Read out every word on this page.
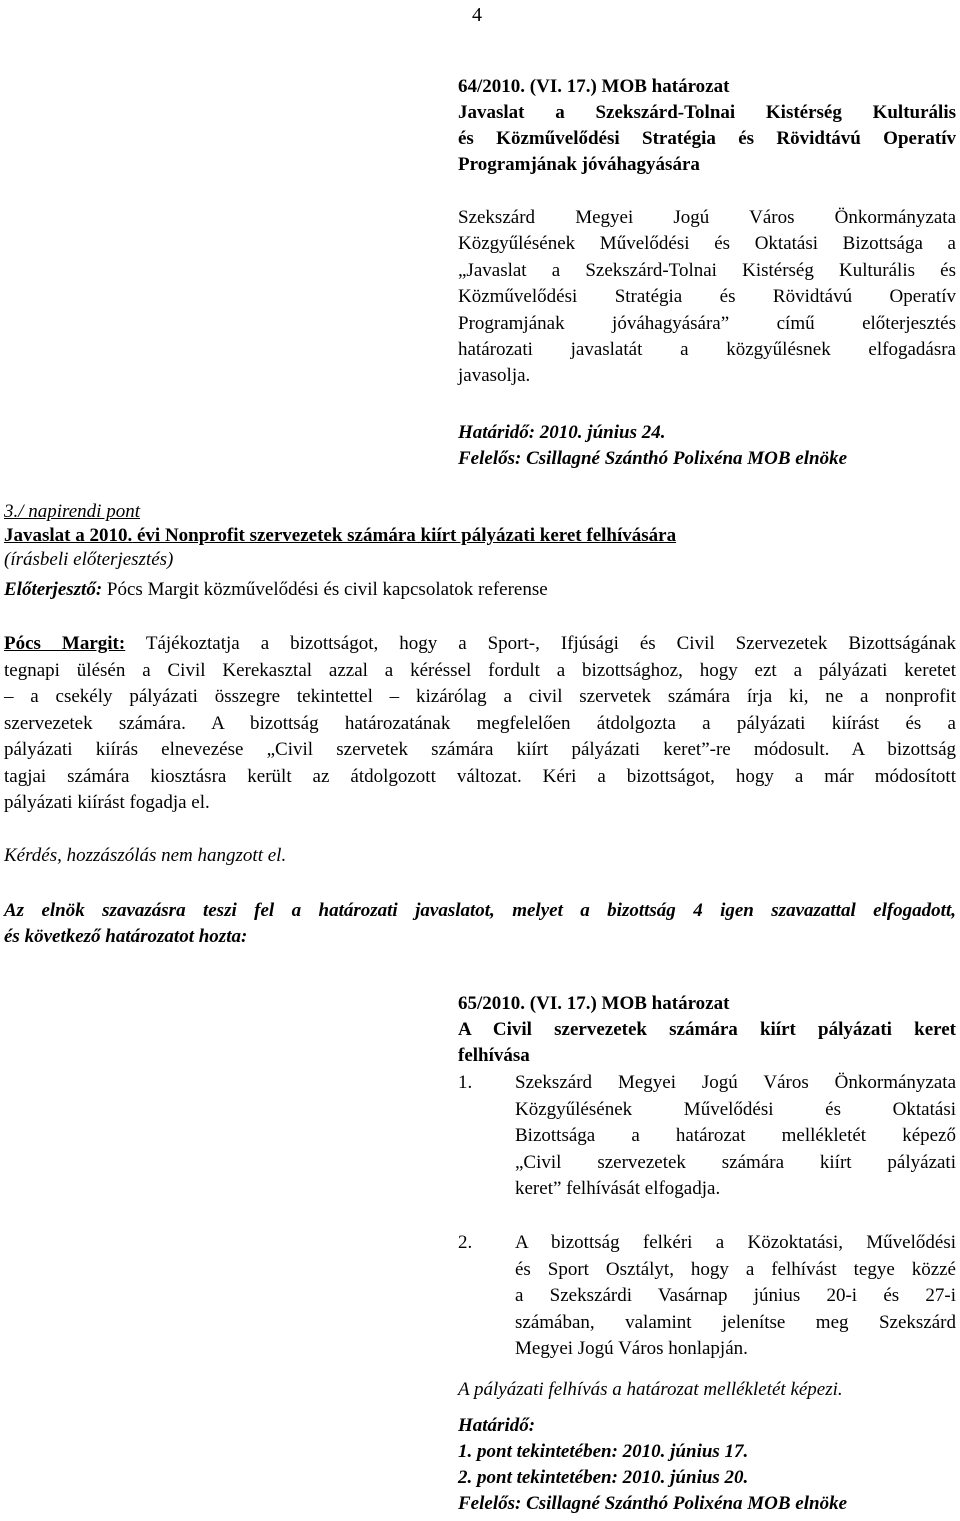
4
64/2010. (VI. 17.) MOB határozat
Javaslat a Szekszárd-Tolnai Kistérség Kulturális
és Közművelődési Stratégia és Rövidtávú Operatív
Programjának jóváhagyására
Szekszárd Megyei Jogú Város Önkormányzata
Közgyűlésének Művelődési és Oktatási Bizottsága a
„Javaslat a Szekszárd-Tolnai Kistérség Kulturális és
Közművelődési Stratégia és Rövidtávú Operatív
Programjának jóváhagyására” című előterjesztés
határozati javaslatát a közgyűlésnek elfogadásra
javasolja.
Határidő: 2010. június 24.
Felelős: Csillagné Szánthó Polixéna MOB elnöke
3./ napirendi pont
Javaslat a 2010. évi Nonprofit szervezetek számára kiírt pályázati keret felhívására
(írásbeli előterjesztés)
Előterjesztő: Pócs Margit közművelődési és civil kapcsolatok referense
Pócs Margit: Tájékoztatja a bizottságot, hogy a Sport-, Ifjúsági és Civil Szervezetek Bizottságának
tegnapi ülésén a Civil Kerekasztal azzal a kéréssel fordult a bizottsághoz, hogy ezt a pályázati keretet
– a csekély pályázati összegre tekintettel – kizárólag a civil szervetek számára írja ki, ne a nonprofit
szervezetek számára. A bizottság határozatának megfelelően átdolgozta a pályázati kiírást és a
pályázati kiírás elnevezése „Civil szervetek számára kiírt pályázati keret”-re módosult. A bizottság
tagjai számára kiosztásra került az átdolgozott változat. Kéri a bizottságot, hogy a már módosított
pályázati kiírást fogadja el.
Kérdés, hozzászólás nem hangzott el.
Az elnök szavazásra teszi fel a határozati javaslatot, melyet a bizottság 4 igen szavazattal elfogadott,
és következő határozatot hozta:
65/2010. (VI. 17.) MOB határozat
A Civil szervezetek számára kiírt pályázati keret
felhívása
1. Szekszárd Megyei Jogú Város Önkormányzata
Közgyűlésének Művelődési és Oktatási
Bizottsága a határozat mellékletét képező
„Civil szervezetek számára kiírt pályázati
keret” felhívását elfogadja.
2. A bizottság felkéri a Közoktatási, Művelődési
és Sport Osztályt, hogy a felhívást tegye közzé
a Szekszárdi Vasárnap június 20-i és 27-i
számában, valamint jelenítse meg Szekszárd
Megyei Jogú Város honlapján.
A pályázati felhívás a határozat mellékletét képezi.
Határidő:
1. pont tekintetében: 2010. június 17.
2. pont tekintetében: 2010. június 20.
Felelős: Csillagné Szánthó Polixéna MOB elnöke
